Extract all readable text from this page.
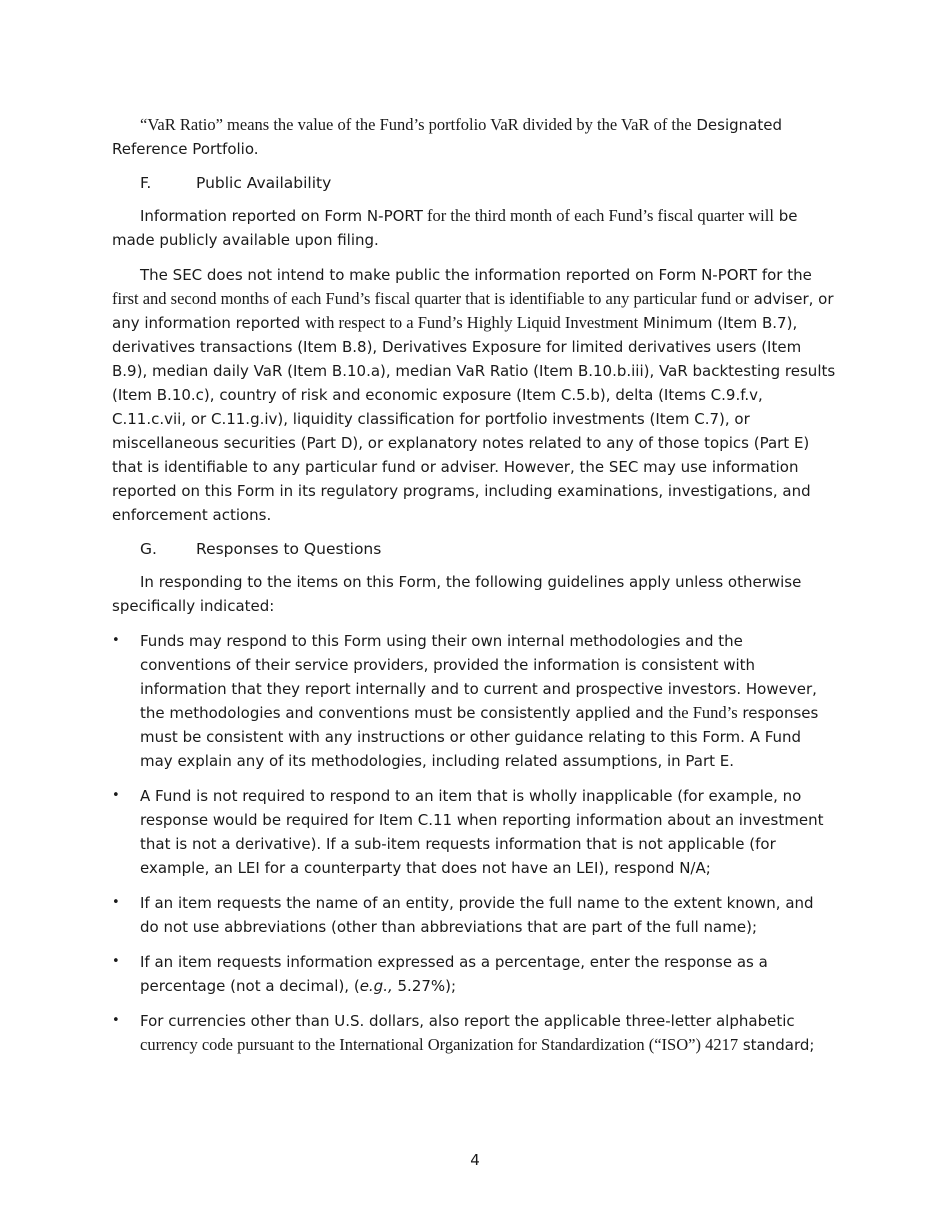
“VaR Ratio” means the value of the Fund’s portfolio VaR divided by the VaR of the Designated Reference Portfolio.

F.	Public Availability

Information reported on Form N-PORT for the third month of each Fund’s fiscal quarter will be made publicly available upon filing.

The SEC does not intend to make public the information reported on Form N-PORT for the first and second months of each Fund’s fiscal quarter that is identifiable to any particular fund or adviser, or any information reported with respect to a Fund’s Highly Liquid Investment Minimum (Item B.7), derivatives transactions (Item B.8), Derivatives Exposure for limited derivatives users (Item B.9), median daily VaR (Item B.10.a), median VaR Ratio (Item B.10.b.iii), VaR backtesting results (Item B.10.c), country of risk and economic exposure (Item C.5.b), delta (Items C.9.f.v, C.11.c.vii, or C.11.g.iv), liquidity classification for portfolio investments (Item C.7), or miscellaneous securities (Part D), or explanatory notes related to any of those topics (Part E) that is identifiable to any particular fund or adviser. However, the SEC may use information reported on this Form in its regulatory programs, including examinations, investigations, and enforcement actions.

G.	Responses to Questions

In responding to the items on this Form, the following guidelines apply unless otherwise specifically indicated:

• Funds may respond to this Form using their own internal methodologies and the conventions of their service providers, provided the information is consistent with information that they report internally and to current and prospective investors. However, the methodologies and conventions must be consistently applied and the Fund’s responses must be consistent with any instructions or other guidance relating to this Form. A Fund may explain any of its methodologies, including related assumptions, in Part E.
• A Fund is not required to respond to an item that is wholly inapplicable (for example, no response would be required for Item C.11 when reporting information about an investment that is not a derivative). If a sub-item requests information that is not applicable (for example, an LEI for a counterparty that does not have an LEI), respond N/A;
• If an item requests the name of an entity, provide the full name to the extent known, and do not use abbreviations (other than abbreviations that are part of the full name);
• If an item requests information expressed as a percentage, enter the response as a percentage (not a decimal), (e.g., 5.27%);
• For currencies other than U.S. dollars, also report the applicable three-letter alphabetic currency code pursuant to the International Organization for Standardization (“ISO”) 4217 standard;
4
